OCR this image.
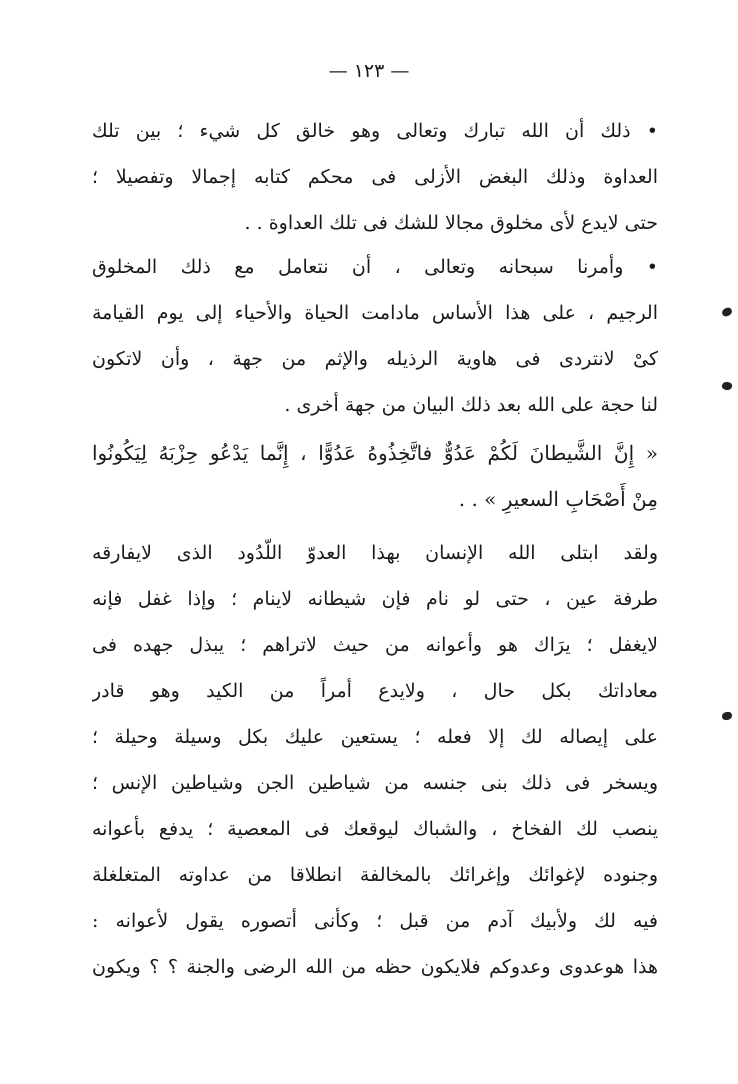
— ١٢٣ —
• ذلك أن الله تبارك وتعالى وهو خالق كل شيء ؛ بين تلك
العداوة وذلك البغض الأزلى فى محكم كتابه إجمالا وتفصيلا ؛
حتى لايدع لأى مخلوق مجالا للشك فى تلك العداوة . .
• وأمرنا سبحانه وتعالى ، أن نتعامل مع ذلك المخلوق
الرجيم ، على هذا الأساس مادامت الحياة والأحياء إلى يوم القيامة
كىْ لانتردى فى هاوية الرذيله والإثم من جهة ، وأن لاتكون
لنا حجة على الله بعد ذلك البيان من جهة أخرى .
« إِنَّ الشَّيطانَ لَكُمْ عَدُوٌّ فاتَّخِذُوهُ عَدُوًّا ، إِنَّما يَدْعُو حِزْبَهُ لِيَكُونُوا
مِنْ أَصْحَابِ السعيرِ » . .
ولقد ابتلى الله الإنسان بهذا العدوّ اللّدُود الذى لايفارقه
طرفة عين ، حتى لو نام فإن شيطانه لاينام ؛ وإذا غفل فإنه
لايغفل ؛ يرَاك هو وأعوانه من حيث لاتراهم ؛ يبذل جهده فى
معاداتك بكل حال ، ولايدع أمراً من الكيد وهو قادر
على إيصاله لك إلا فعله ؛ يستعين عليك بكل وسيلة وحيلة ؛
ويسخر فى ذلك بنى جنسه من شياطين الجن وشياطين الإنس ؛
ينصب لك الفخاخ ، والشباك ليوقعك فى المعصية ؛ يدفع بأعوانه
وجنوده لإغوائك وإغرائك بالمخالفة انطلاقا من عداوته المتغلغلة
فيه لك ولأبيك آدم من قبل ؛ وكأنى أتصوره يقول لأعوانه :
هذا هوعدوى وعدوكم فلايكون حظه من الله الرضى والجنة ؟ ؟ ويكون
